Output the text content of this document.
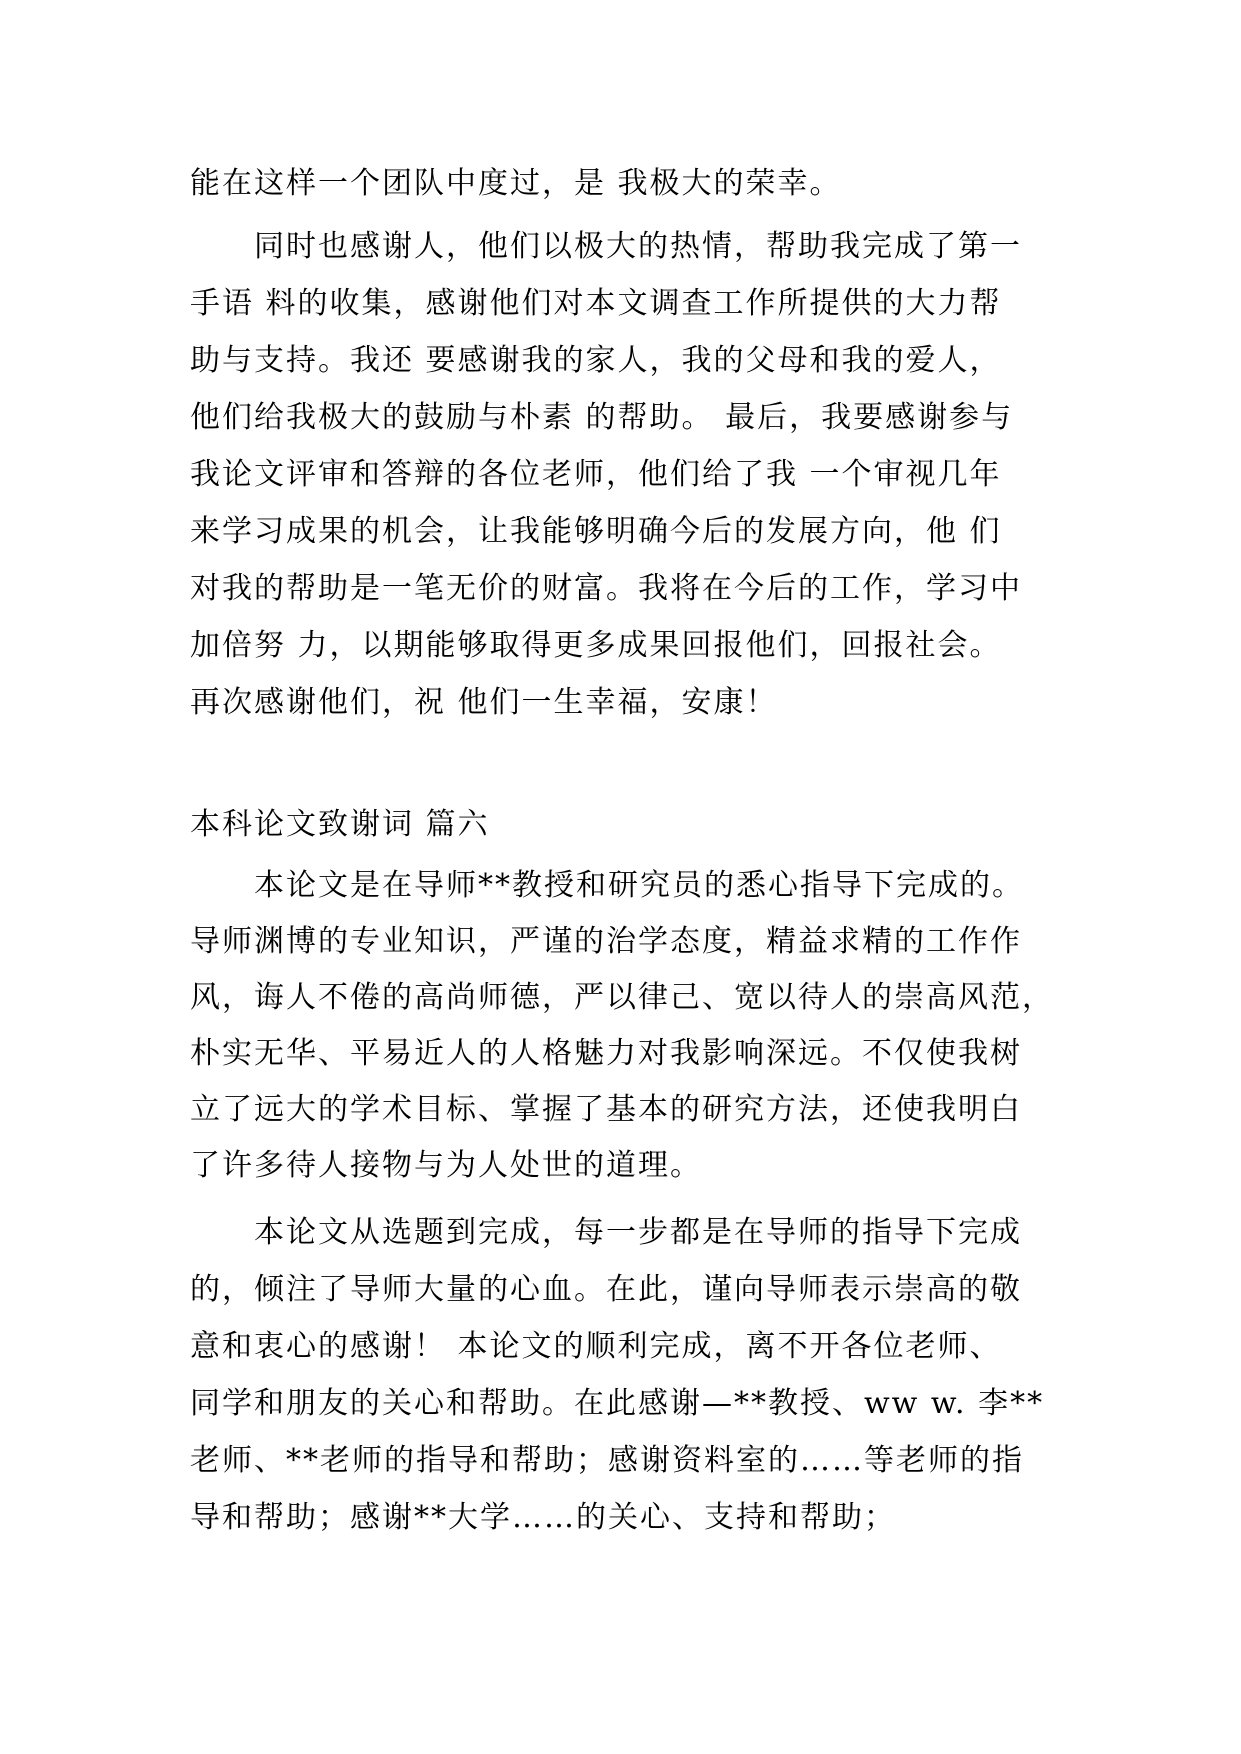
能在这样一个团队中度过，是 我极大的荣幸。

同时也感谢人，他们以极大的热情，帮助我完成了第一

手语 料的收集，感谢他们对本文调查工作所提供的大力帮

助与支持。我还 要感谢我的家人，我的父母和我的爱人，

他们给我极大的鼓励与朴素 的帮助。 最后，我要感谢参与

我论文评审和答辩的各位老师，他们给了我 一个审视几年

来学习成果的机会，让我能够明确今后的发展方向，他 们

对我的帮助是一笔无价的财富。我将在今后的工作，学习中

加倍努 力，以期能够取得更多成果回报他们，回报社会。

再次感谢他们，祝 他们一生幸福，安康！

本科论文致谢词 篇六

本论文是在导师**教授和研究员的悉心指导下完成的。

导师渊博的专业知识，严谨的治学态度，精益求精的工作作

风，诲人不倦的高尚师德，严以律己、宽以待人的崇高风范，

朴实无华、平易近人的人格魅力对我影响深远。不仅使我树

立了远大的学术目标、掌握了基本的研究方法，还使我明白

了许多待人接物与为人处世的道理。

本论文从选题到完成，每一步都是在导师的指导下完成

的，倾注了导师大量的心血。在此，谨向导师表示崇高的敬

意和衷心的感谢！ 本论文的顺利完成，离不开各位老师、

同学和朋友的关心和帮助。在此感谢—**教授、ww w. 李**

老师、**老师的指导和帮助；感谢资料室的……等老师的指

导和帮助；感谢**大学……的关心、支持和帮助；
